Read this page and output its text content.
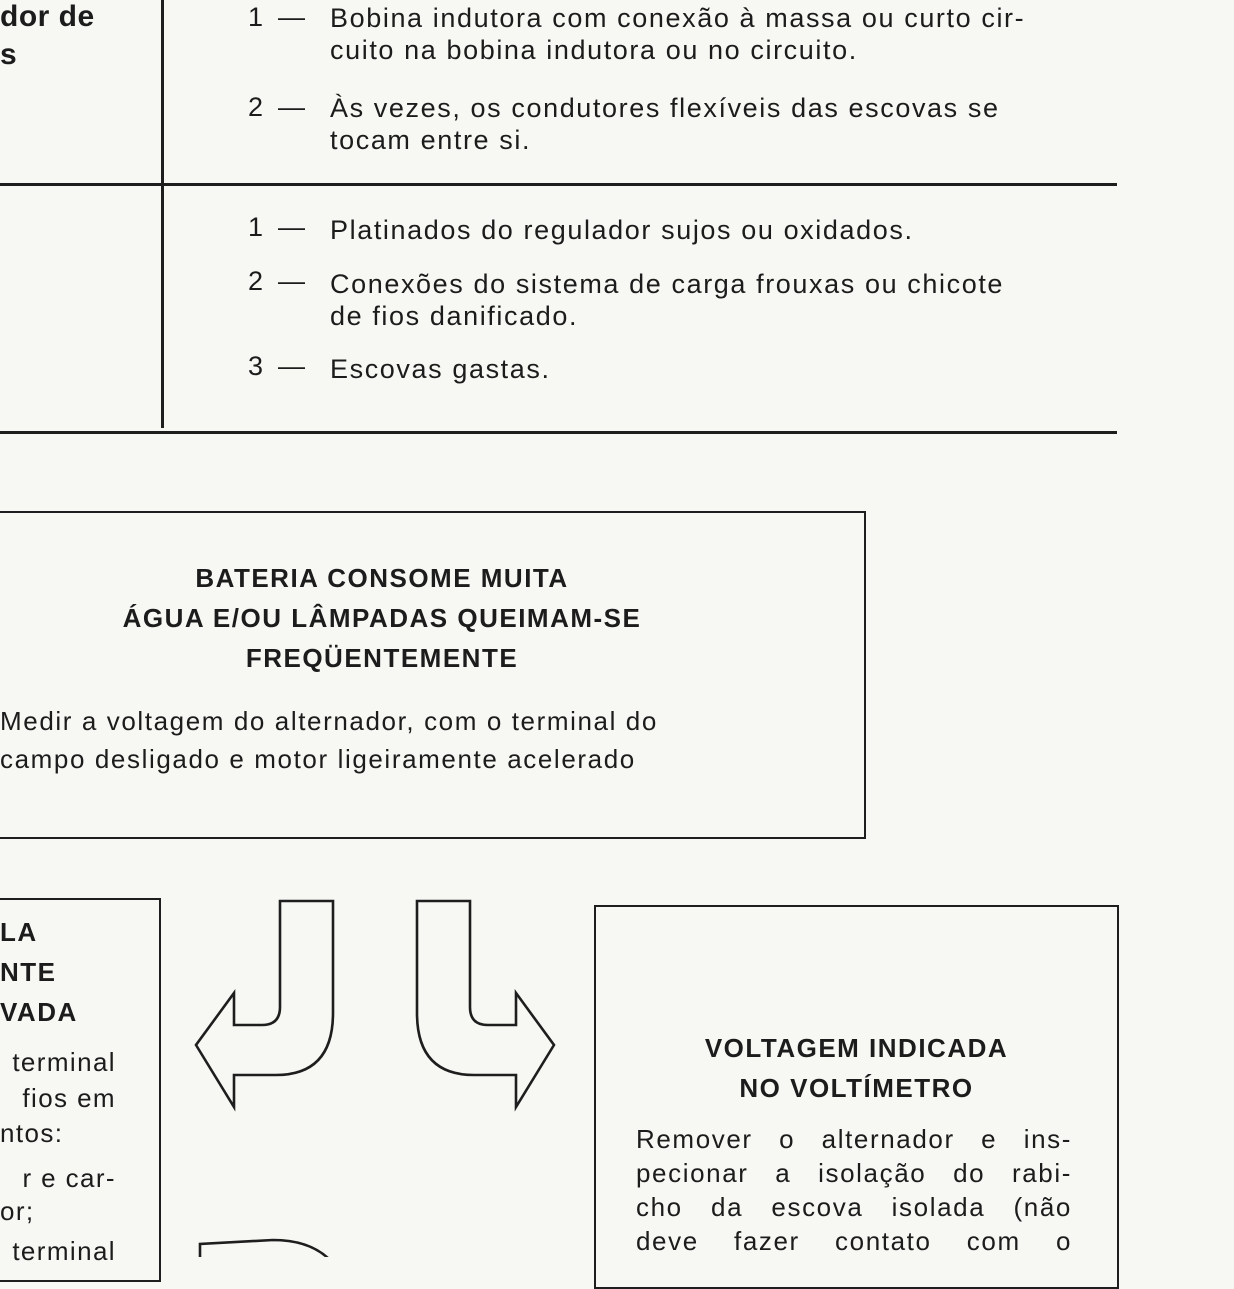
dor de
s
1 — Bobina indutora com conexão à massa ou curto cir-
cuito na bobina indutora ou no circuito.
2 — Às vezes, os condutores flexíveis das escovas se
tocam entre si.
1 — Platinados do regulador sujos ou oxidados.
2 — Conexões do sistema de carga frouxas ou chicote
de fios danificado.
3 — Escovas gastas.
BATERIA CONSOME MUITA
ÁGUA E/OU LÂMPADAS QUEIMAM-SE
FREQÜENTEMENTE
Medir a voltagem do alternador, com o terminal do
campo desligado e motor ligeiramente acelerado
LA
NTE
VADA
terminal
fios em
ntos:
r e car-
or;
terminal
VOLTAGEM INDICADA
NO VOLTÍMETRO
Remover o alternador e ins-
pecionar a isolação do rabi-
cho da escova isolada (não
deve fazer contato com o
